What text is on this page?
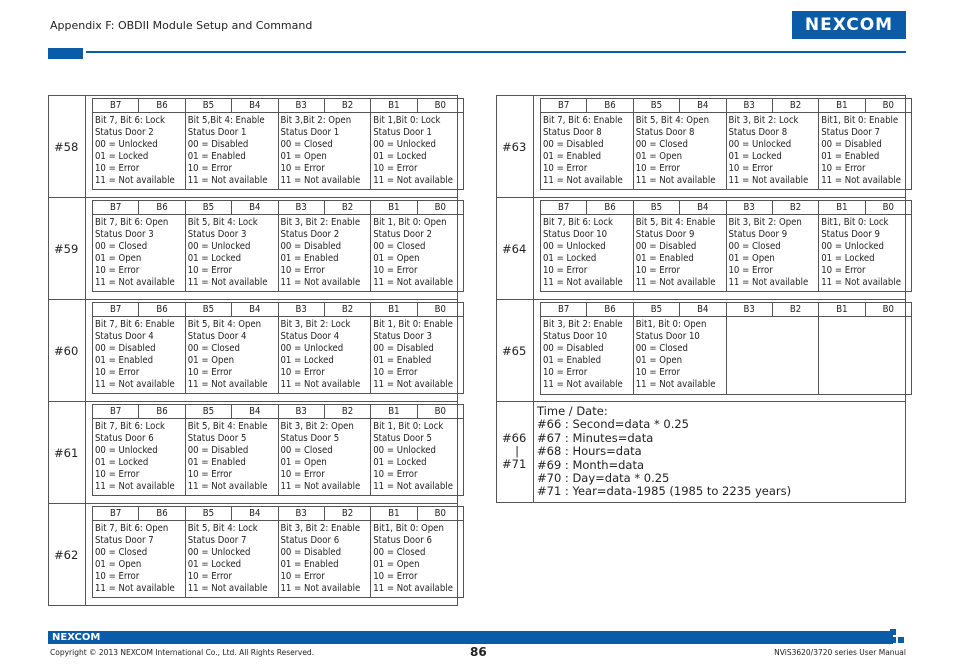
Appendix F: OBDII Module Setup and Command	NEXCOM
#58	
B7	B6	B5	B4	B3	B2	B1	B0

Bit 7, Bit 6: Lock
Status Door 2
00 = Unlocked
01 = Locked
10 = Error
11 = Not available

Bit 5,Bit 4: Enable
Status Door 1
00 = Disabled
01 = Enabled
10 = Error
11 = Not available

Bit 3,Bit 2: Open
Status Door 1
00 = Closed
01 = Open
10 = Error
11 = Not available

Bit 1,Bit 0: Lock
Status Door 1
00 = Unlocked
01 = Locked
10 = Error
11 = Not available

#59	
B7	B6	B5	B4	B3	B2	B1	B0

Bit 7, Bit 6: Open
Status Door 3
00 = Closed
01 = Open
10 = Error
11 = Not available

Bit 5, Bit 4: Lock
Status Door 3
00 = Unlocked
01 = Locked
10 = Error
11 = Not available

Bit 3, Bit 2: Enable
Status Door 2
00 = Disabled
01 = Enabled
10 = Error
11 = Not available

Bit 1, Bit 0: Open
Status Door 2
00 = Closed
01 = Open
10 = Error
11 = Not available

#60	
B7	B6	B5	B4	B3	B2	B1	B0

Bit 7, Bit 6: Enable
Status Door 4
00 = Disabled
01 = Enabled
10 = Error
11 = Not available

Bit 5, Bit 4: Open
Status Door 4
00 = Closed
01 = Open
10 = Error
11 = Not available

Bit 3, Bit 2: Lock
Status Door 4
00 = Unlocked
01 = Locked
10 = Error
11 = Not available

Bit 1, Bit 0: Enable
Status Door 3
00 = Disabled
01 = Enabled
10 = Error
11 = Not available

#61	
B7	B6	B5	B4	B3	B2	B1	B0

Bit 7, Bit 6: Lock
Status Door 6
00 = Unlocked
01 = Locked
10 = Error
11 = Not available

Bit 5, Bit 4: Enable
Status Door 5
00 = Disabled
01 = Enabled
10 = Error
11 = Not available

Bit 3, Bit 2: Open
Status Door 5
00 = Closed
01 = Open
10 = Error
11 = Not available

Bit 1, Bit 0: Lock
Status Door 5
00 = Unlocked
01 = Locked
10 = Error
11 = Not available

#62	
B7	B6	B5	B4	B3	B2	B1	B0

Bit 7, Bit 6: Open
Status Door 7
00 = Closed
01 = Open
10 = Error
11 = Not available

Bit 5, Bit 4: Lock
Status Door 7
00 = Unlocked
01 = Locked
10 = Error
11 = Not available

Bit 3, Bit 2: Enable
Status Door 6
00 = Disabled
01 = Enabled
10 = Error
11 = Not available

Bit1, Bit 0: Open
Status Door 6
00 = Closed
01 = Open
10 = Error
11 = Not available
#63	
B7	B6	B5	B4	B3	B2	B1	B0

Bit 7, Bit 6: Enable
Status Door 8
00 = Disabled
01 = Enabled
10 = Error
11 = Not available

Bit 5, Bit 4: Open
Status Door 8
00 = Closed
01 = Open
10 = Error
11 = Not available

Bit 3, Bit 2: Lock
Status Door 8
00 = Unlocked
01 = Locked
10 = Error
11 = Not available

Bit1, Bit 0: Enable
Status Door 7
00 = Disabled
01 = Enabled
10 = Error
11 = Not available

#64	
B7	B6	B5	B4	B3	B2	B1	B0

Bit 7, Bit 6: Lock
Status Door 10
00 = Unlocked
01 = Locked
10 = Error
11 = Not available

Bit 5, Bit 4: Enable
Status Door 9
00 = Disabled
01 = Enabled
10 = Error
11 = Not available

Bit 3, Bit 2: Open
Status Door 9
00 = Closed
01 = Open
10 = Error
11 = Not available

Bit1, Bit 0: Lock
Status Door 9
00 = Unlocked
01 = Locked
10 = Error
11 = Not available

#65	
B7	B6	B5	B4	B3	B2	B1	B0

Bit 3, Bit 2: Enable
Status Door 10
00 = Disabled
01 = Enabled
10 = Error
11 = Not available

Bit1, Bit 0: Open
Status Door 10
00 = Closed
01 = Open
10 = Error
11 = Not available

#66
|
#71

Time / Date:
#66 : Second=data * 0.25
#67 : Minutes=data
#68 : Hours=data
#69 : Month=data
#70 : Day=data * 0.25
#71 : Year=data-1985 (1985 to 2235 years)
NEXCOM
Copyright © 2013 NEXCOM International Co., Ltd. All Rights Reserved.	86	NViS3620/3720 series User Manual
